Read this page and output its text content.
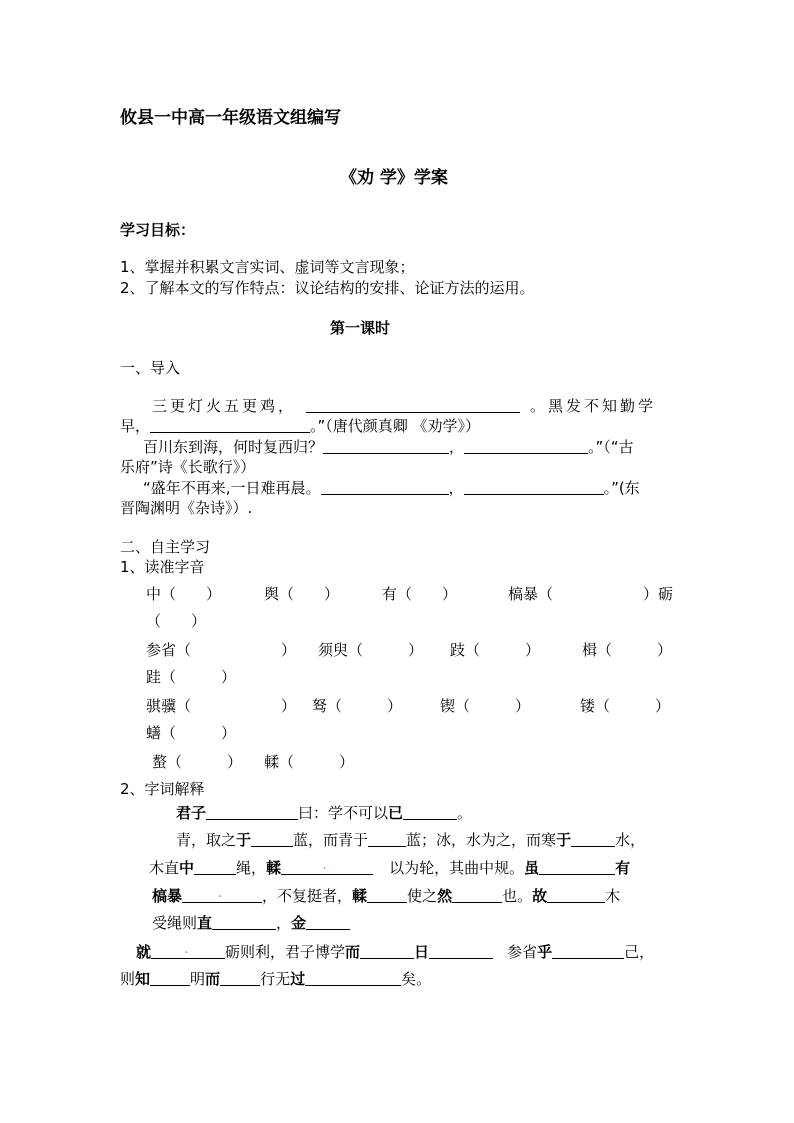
攸县一中高一年级语文组编写
《劝 学》学案
学习目标：
1、掌握并积累文言实词、虚词等文言现象；
2、了解本文的写作特点：议论结构的安排、论证方法的运用。
第一课时
一、导入
三更灯火五更鸡，	。黑发不知勤学
早，	。”（唐代颜真卿 《劝学》）
百川东到海，何时复西归？	，	。”（“古
乐府”诗《长歌行》）
“盛年不再来,一日难再晨。	，	。”(东
晋陶渊明《杂诗》）.
二、自主学习
1、读准字音
中（　　）	舆（　　）	有（　　）	槁暴（　　　　　　） 砺
（　　）
参省（　　　　　　） 须臾（　　　） 跂（　　　）	楫（　　　）
跬（　　　）
骐骥（　　　　　　） 驽（　　　）	锲（　　　）	镂（　　　）
蟮（　　　）
螯（　　　） 輮（　　　）
2、字词解释
君子	曰：学不可以已	。
青，取之于	蓝，而青于	蓝；冰，水为之，而寒于	水，
木直中	绳，輮 .	以为轮，其曲中规。虽	有
槁暴 .	，不复挺者，輮	使之然	也。故	木
受绳则直	，金
就 .	砺则利，君子博学而	日	参省乎	己，
则知	明而	行无过	矣。
